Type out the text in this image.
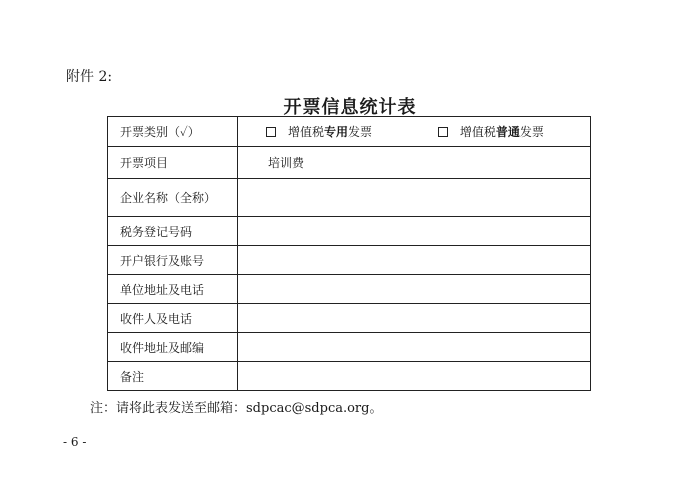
附件 2:
开票信息统计表
开票类别（✓）	增值税专用发票 增值税普通发票
开票项目	培训费
企业名称（全称）	
税务登记号码	
开户银行及账号	
单位地址及电话	
收件人及电话	
收件地址及邮编	
备注	
注：请将此表发送至邮箱：sdpcac@sdpca.org。
- 6 -
